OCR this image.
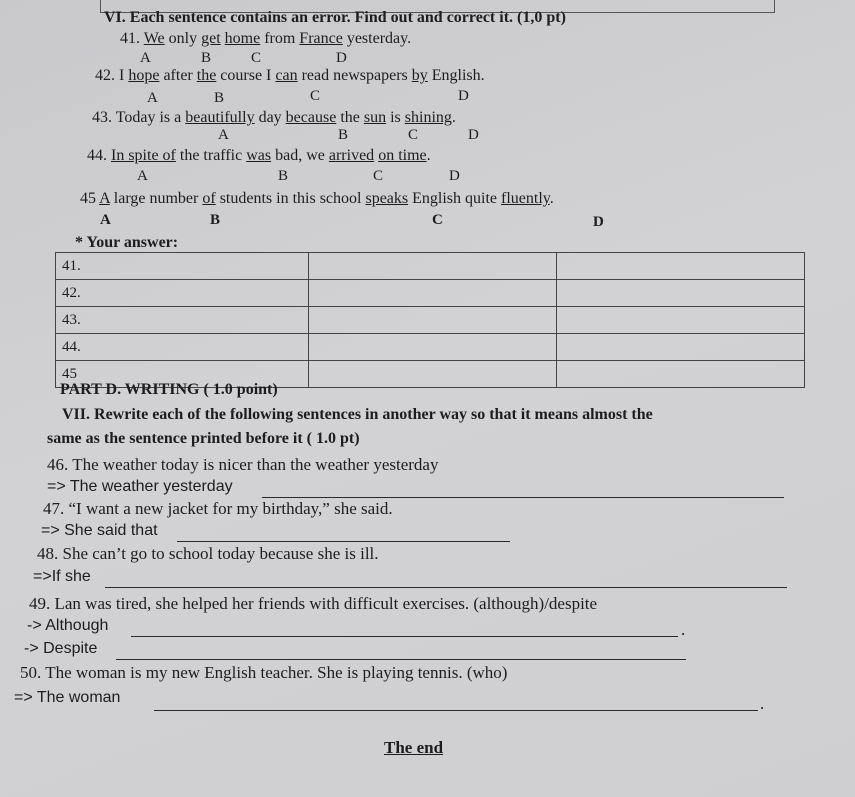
VI. Each sentence contains an error. Find out and correct it. (1,0 pt)
41. We only get home from France yesterday.
A	B	C	D
42. I hope after the course I can read newspapers by English.
A	B	C	D
43. Today is a beautifully day because the sun is shining.
A	B	C	D
44. In spite of the traffic was bad, we arrived on time.
A	B	C	D
45 A large number of students in this school speaks English quite fluently.
A	B	C	D
* Your answer:
41.		
42.		
43.		
44.		
45		
PART D. WRITING ( 1.0 point)
VII. Rewrite each of the following sentences in another way so that it means almost the
same as the sentence printed before it ( 1.0 pt)
46. The weather today is nicer than the weather yesterday
=> The weather yesterday
47. “I want a new jacket for my birthday,” she said.
=> She said that
48. She can’t go to school today because she is ill.
=>If she
49. Lan was tired, she helped her friends with difficult exercises. (although)/despite
-> Although	.
-> Despite
50. The woman is my new English teacher. She is playing tennis. (who)
=> The woman	.
The end
